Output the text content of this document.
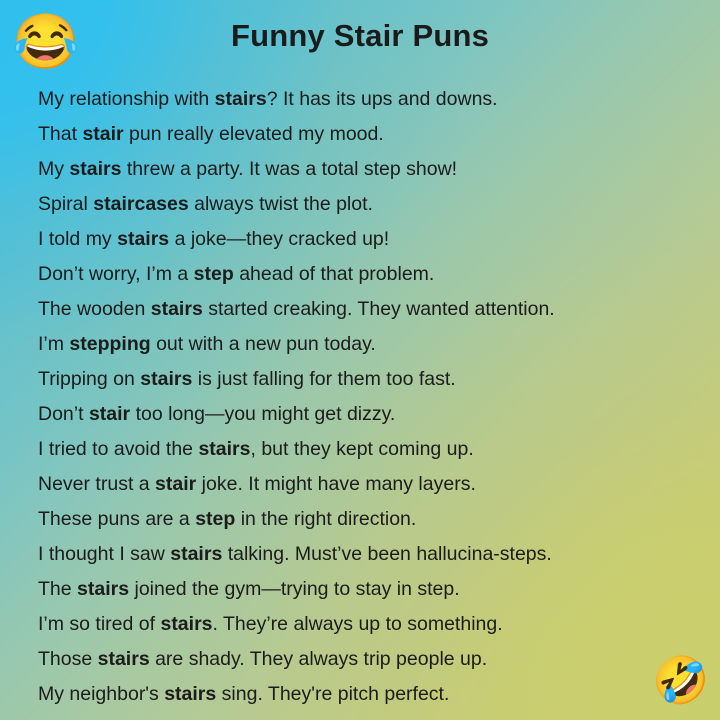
😂	Funny Stair Puns
My relationship with stairs? It has its ups and downs.
That stair pun really elevated my mood.
My stairs threw a party. It was a total step show!
Spiral staircases always twist the plot.
I told my stairs a joke—they cracked up!
Don’t worry, I’m a step ahead of that problem.
The wooden stairs started creaking. They wanted attention.
I’m stepping out with a new pun today.
Tripping on stairs is just falling for them too fast.
Don’t stair too long—you might get dizzy.
I tried to avoid the stairs, but they kept coming up.
Never trust a stair joke. It might have many layers.
These puns are a step in the right direction.
I thought I saw stairs talking. Must’ve been hallucina-steps.
The stairs joined the gym—trying to stay in step.
I’m so tired of stairs. They’re always up to something.
Those stairs are shady. They always trip people up.
My neighbor's stairs sing. They're pitch perfect.	🤣
